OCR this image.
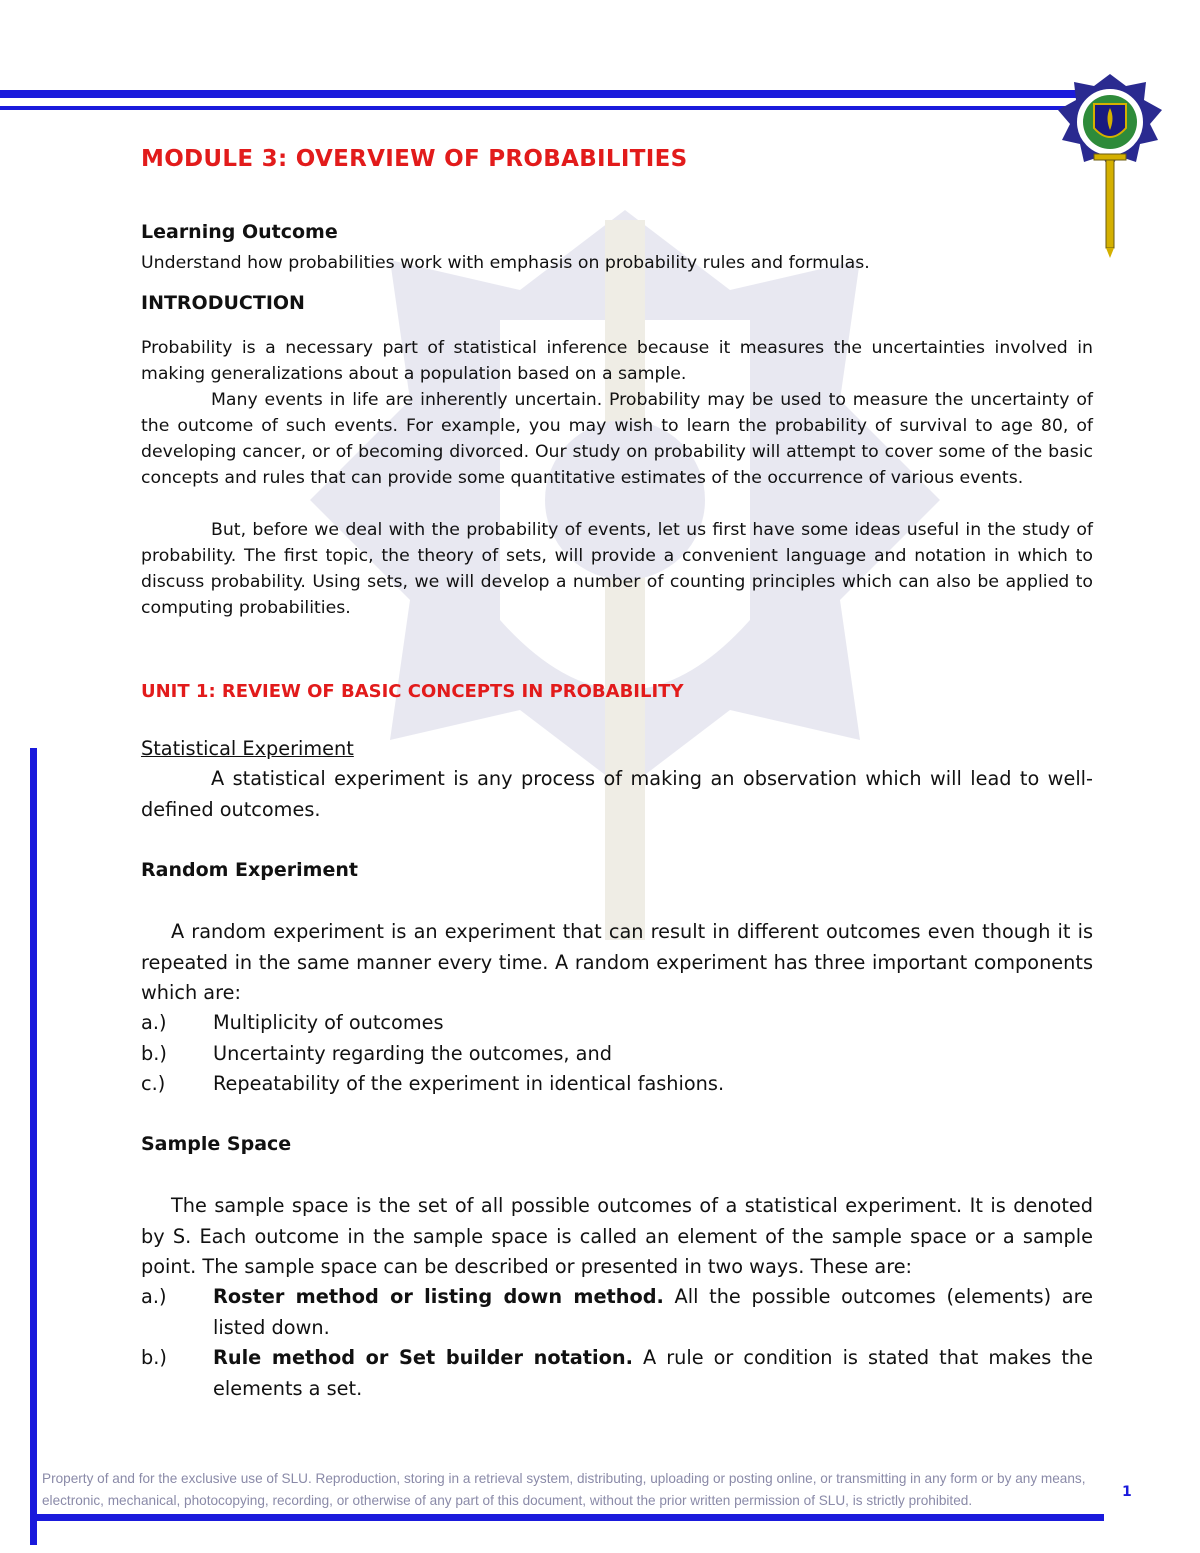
MODULE 3: OVERVIEW OF PROBABILITIES
Learning Outcome
Understand how probabilities work with emphasis on probability rules and formulas.
INTRODUCTION
Probability is a necessary part of statistical inference because it measures the uncertainties involved in making generalizations about a population based on a sample.
Many events in life are inherently uncertain. Probability may be used to measure the uncertainty of the outcome of such events. For example, you may wish to learn the probability of survival to age 80, of developing cancer, or of becoming divorced. Our study on probability will attempt to cover some of the basic concepts and rules that can provide some quantitative estimates of the occurrence of various events.
But, before we deal with the probability of events, let us first have some ideas useful in the study of probability. The first topic, the theory of sets, will provide a convenient language and notation in which to discuss probability. Using sets, we will develop a number of counting principles which can also be applied to computing probabilities.
UNIT 1: REVIEW OF BASIC CONCEPTS IN PROBABILITY
Statistical Experiment
A statistical experiment is any process of making an observation which will lead to well-defined outcomes.
Random Experiment
A random experiment is an experiment that can result in different outcomes even though it is repeated in the same manner every time. A random experiment has three important components which are:
a.)	Multiplicity of outcomes
b.)	Uncertainty regarding the outcomes, and
c.)	Repeatability of the experiment in identical fashions.
Sample Space
The sample space is the set of all possible outcomes of a statistical experiment. It is denoted by S. Each outcome in the sample space is called an element of the sample space or a sample point. The sample space can be described or presented in two ways. These are:
a.)	Roster method or listing down method. All the possible outcomes (elements) are listed down.
b.)	Rule method or Set builder notation. A rule or condition is stated that makes the elements a set.
Property of and for the exclusive use of SLU. Reproduction, storing in a retrieval system, distributing, uploading or posting online, or transmitting in any form or by any means, electronic, mechanical, photocopying, recording, or otherwise of any part of this document, without the prior written permission of SLU, is strictly prohibited.
1
